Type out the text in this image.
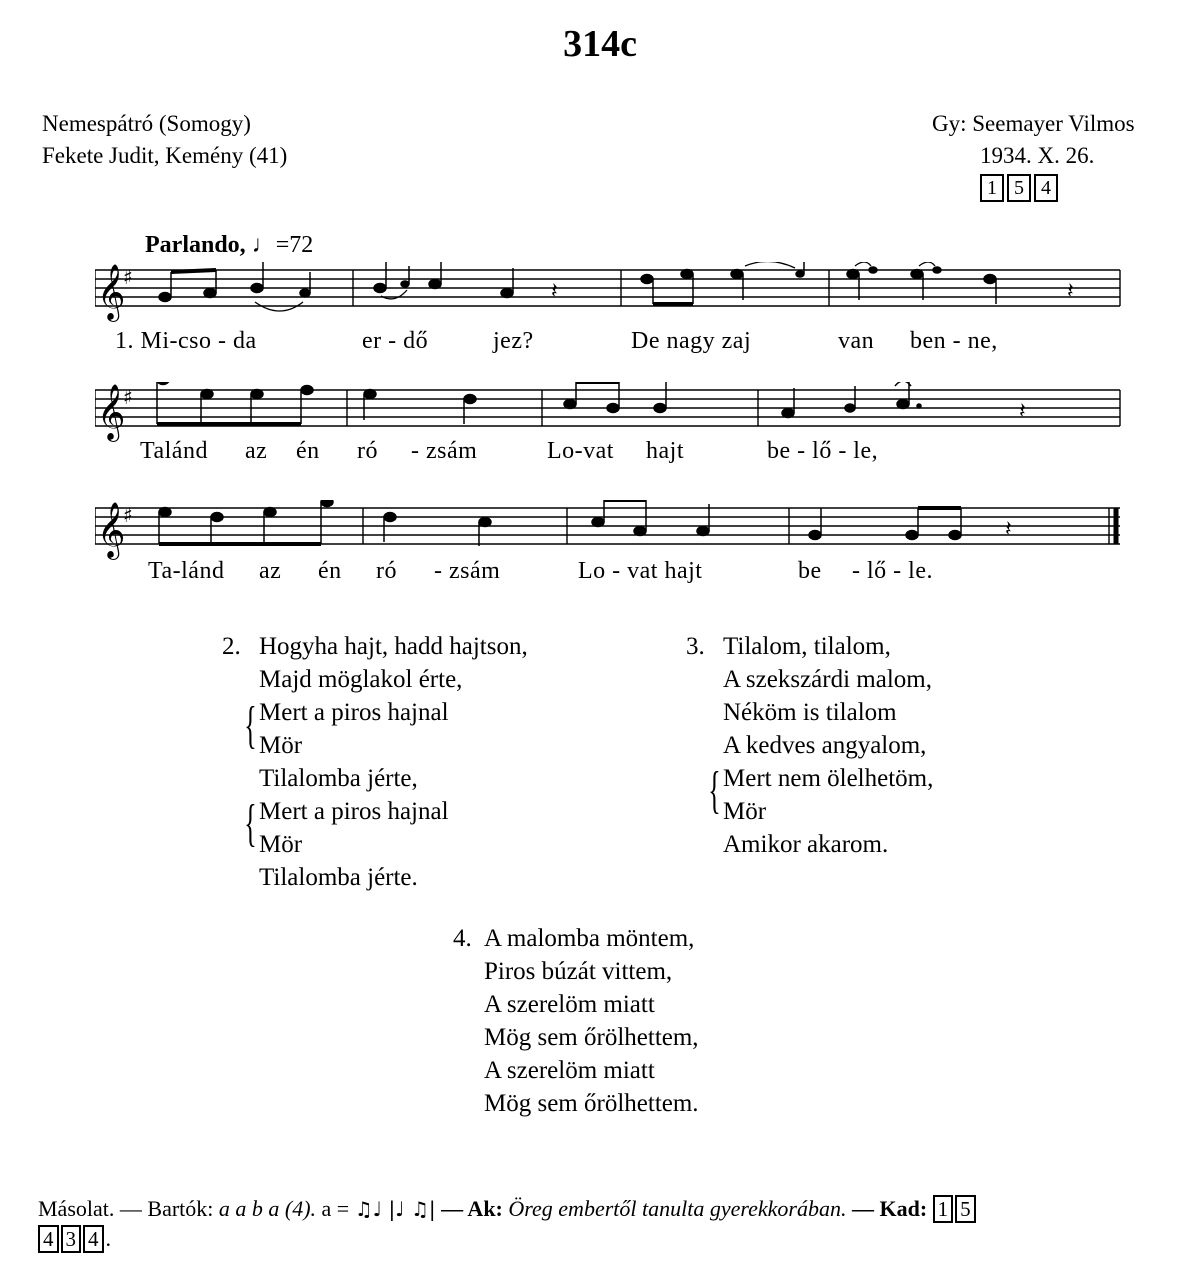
314c
Nemespátró (Somogy)
Fekete Judit, Kemény (41)
Gy: Seemayer Vilmos
1934. X. 26.
1 5 4
Parlando, ♩=72
𝄞
♯
𝄽	𝄽
1. Mi-cso - da	er - dő	jez?	De nagy zaj	van ben - ne,
𝄞
♯
𝄽
Talánd az én ró - zsám	Lo-vat hajt	be - lő - le,
𝄞
♯
𝄽
Ta-lánd az én ró - zsám	Lo - vat hajt	be - lő - le.
2. Hogyha hajt, hadd hajtson,
Majd möglakol érte,
Mert a piros hajnal
Mör
Tilalomba jérte,
Mert a piros hajnal
Mör
Tilalomba jérte.
{
{
3. Tilalom, tilalom,
A szekszárdi malom,
Néköm is tilalom
A kedves angyalom,
Mert nem ölelhetöm,
Mör
Amikor akarom.
{
4. A malomba möntem,
Piros búzát vittem,
A szerelöm miatt
Mög sem őrölhettem,
A szerelöm miatt
Mög sem őrölhettem.
Másolat. — Bartók: a a b a (4). a = ♫♩ |♩ ♫| — Ak: Öreg embertől tanulta gyerekkorában. — Kad: 1 5
4 3 4 .
